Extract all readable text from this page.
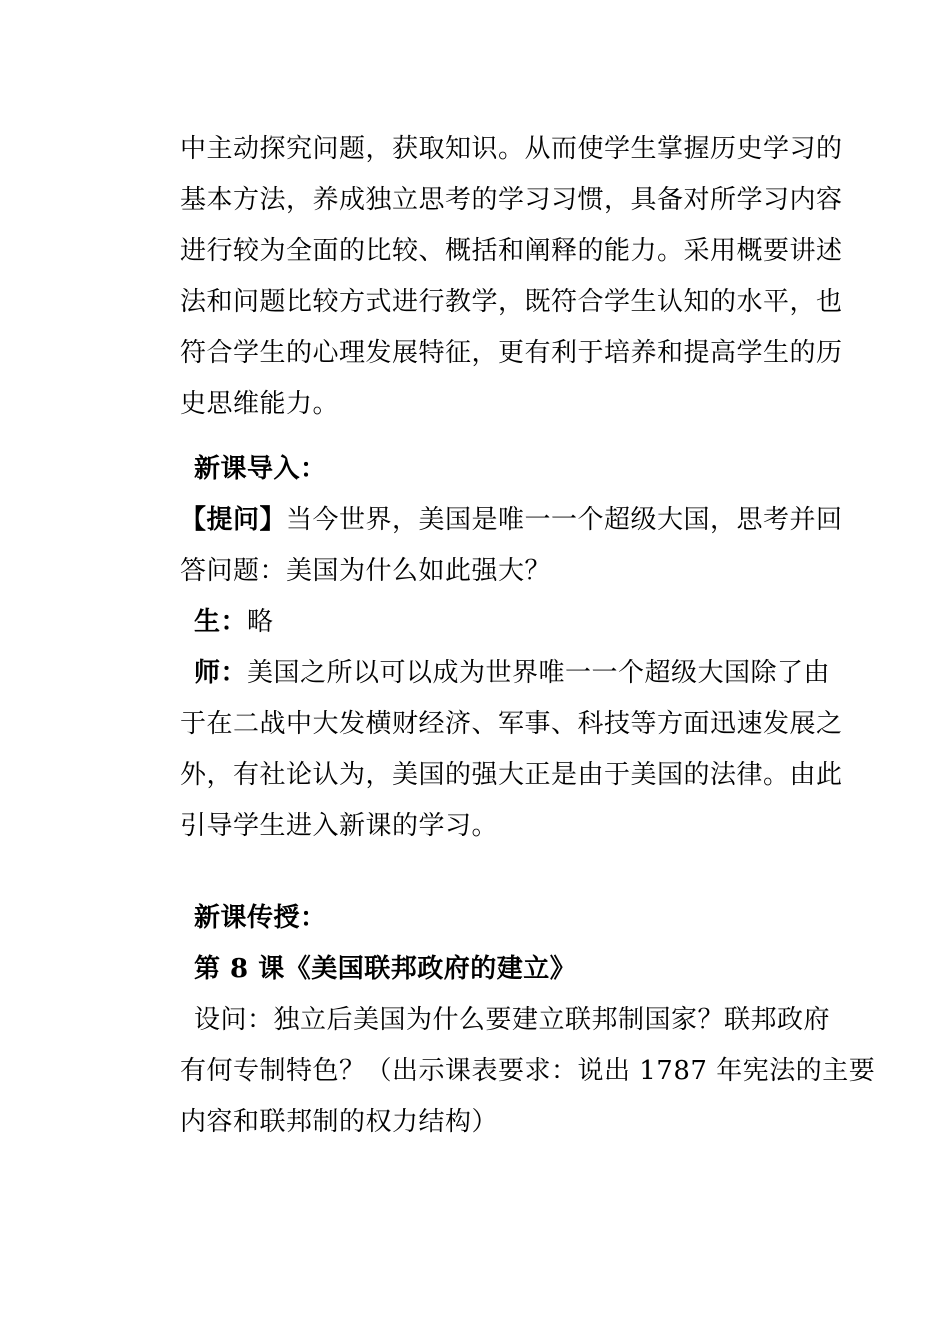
中主动探究问题，获取知识。从而使学生掌握历史学习的
基本方法，养成独立思考的学习习惯，具备对所学习内容
进行较为全面的比较、概括和阐释的能力。采用概要讲述
法和问题比较方式进行教学，既符合学生认知的水平，也
符合学生的心理发展特征，更有利于培养和提高学生的历
史思维能力。
新课导入：
【提问】当今世界，美国是唯一一个超级大国，思考并回
答问题：美国为什么如此强大？
生：略
师：美国之所以可以成为世界唯一一个超级大国除了由
于在二战中大发横财经济、军事、科技等方面迅速发展之
外，有社论认为，美国的强大正是由于美国的法律。由此
引导学生进入新课的学习。
新课传授：
第 8 课《美国联邦政府的建立》
设问：独立后美国为什么要建立联邦制国家？联邦政府
有何专制特色？（出示课表要求：说出 1787 年宪法的主要
内容和联邦制的权力结构）
